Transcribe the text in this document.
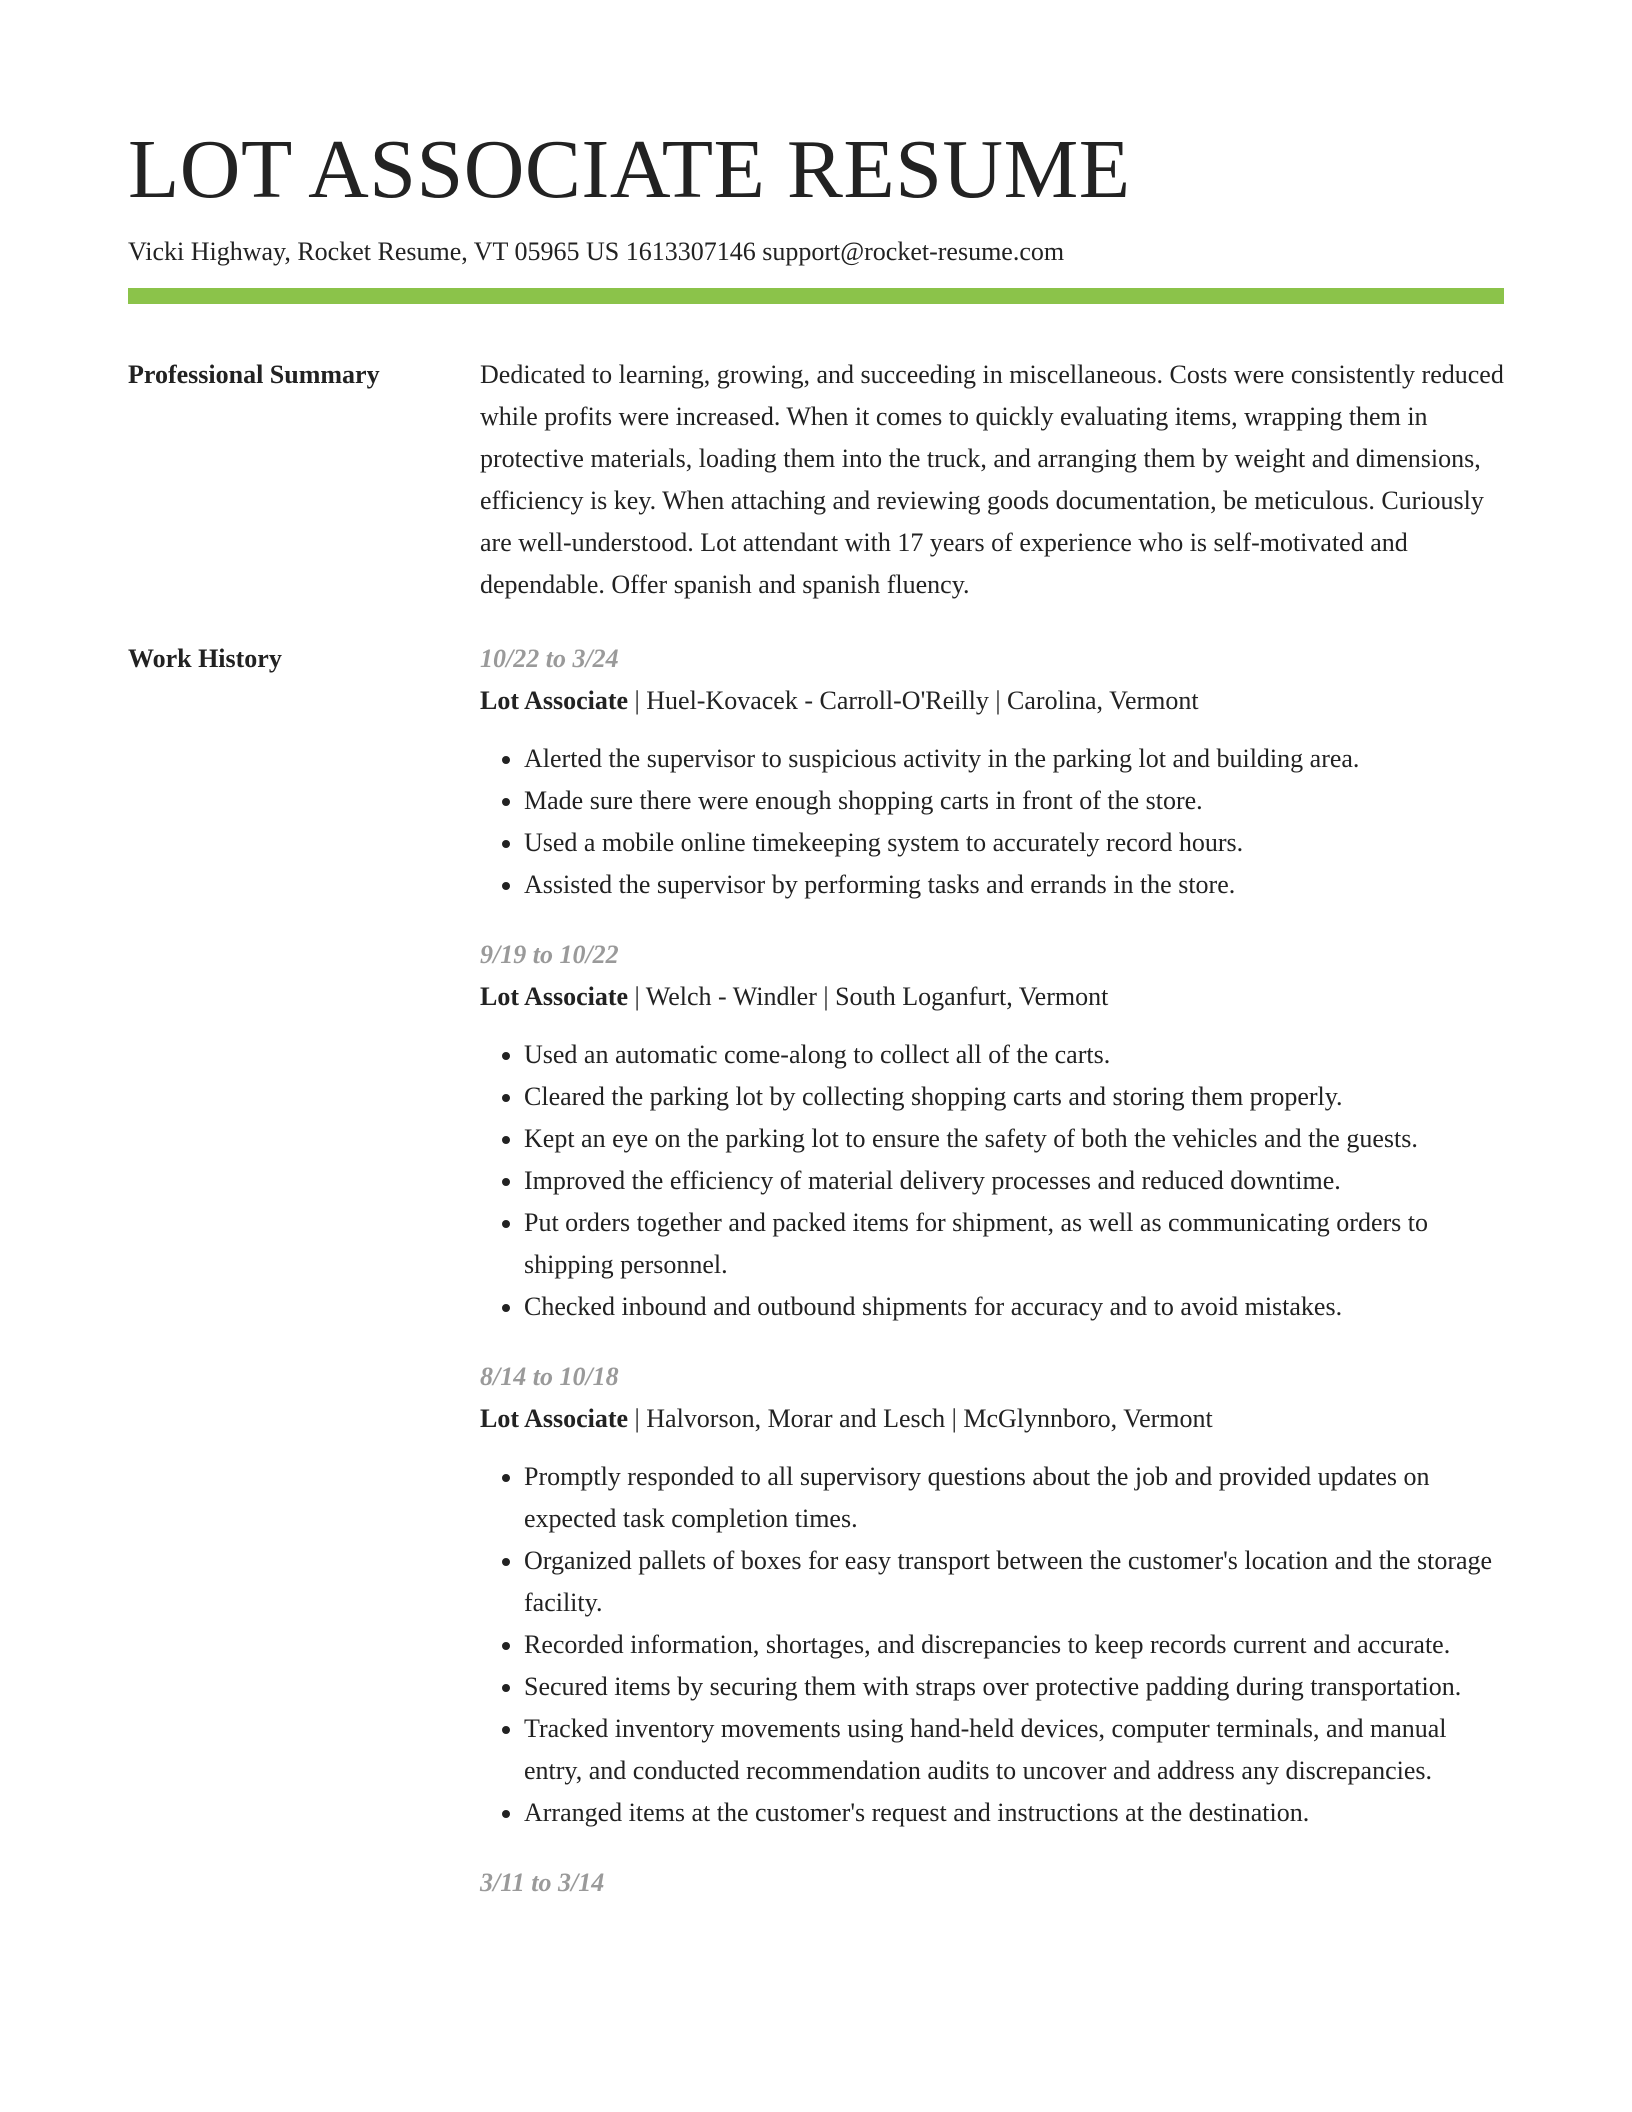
LOT ASSOCIATE RESUME
Vicki Highway, Rocket Resume, VT 05965 US 1613307146 support@rocket-resume.com
Professional Summary	Dedicated to learning, growing, and succeeding in miscellaneous. Costs were consistently reduced while profits were increased. When it comes to quickly evaluating items, wrapping them in protective materials, loading them into the truck, and arranging them by weight and dimensions, efficiency is key. When attaching and reviewing goods documentation, be meticulous. Curiously are well-understood. Lot attendant with 17 years of experience who is self-motivated and dependable. Offer spanish and spanish fluency.

Work History	10/22 to 3/24
Lot Associate | Huel-Kovacek - Carroll-O'Reilly | Carolina, Vermont
• Alerted the supervisor to suspicious activity in the parking lot and building area.
• Made sure there were enough shopping carts in front of the store.
• Used a mobile online timekeeping system to accurately record hours.
• Assisted the supervisor by performing tasks and errands in the store.
9/19 to 10/22
Lot Associate | Welch - Windler | South Loganfurt, Vermont
• Used an automatic come-along to collect all of the carts.
• Cleared the parking lot by collecting shopping carts and storing them properly.
• Kept an eye on the parking lot to ensure the safety of both the vehicles and the guests.
• Improved the efficiency of material delivery processes and reduced downtime.
• Put orders together and packed items for shipment, as well as communicating orders to shipping personnel.
• Checked inbound and outbound shipments for accuracy and to avoid mistakes.
8/14 to 10/18
Lot Associate | Halvorson, Morar and Lesch | McGlynnboro, Vermont
• Promptly responded to all supervisory questions about the job and provided updates on expected task completion times.
• Organized pallets of boxes for easy transport between the customer's location and the storage facility.
• Recorded information, shortages, and discrepancies to keep records current and accurate.
• Secured items by securing them with straps over protective padding during transportation.
• Tracked inventory movements using hand-held devices, computer terminals, and manual entry, and conducted recommendation audits to uncover and address any discrepancies.
• Arranged items at the customer's request and instructions at the destination.
3/11 to 3/14
